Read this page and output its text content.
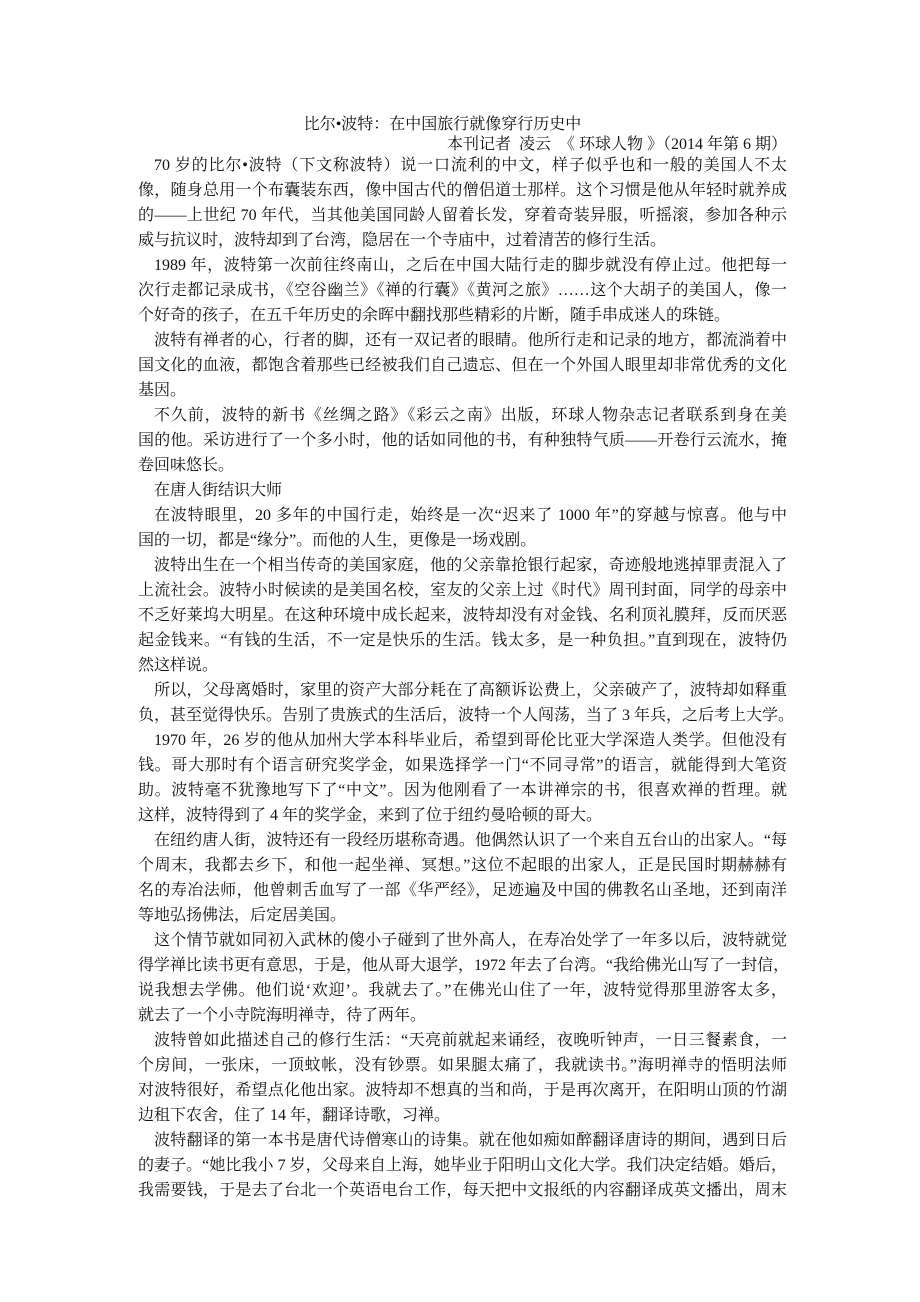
比尔•波特：在中国旅行就像穿行历史中
本刊记者  凌云  《 环球人物 》（2014 年第 6 期）
70 岁的比尔•波特（下文称波特）说一口流利的中文，样子似乎也和一般的美国人不太
像，随身总用一个布囊装东西，像中国古代的僧侣道士那样。这个习惯是他从年轻时就养成
的——上世纪 70 年代，当其他美国同龄人留着长发，穿着奇装异服，听摇滚，参加各种示
威与抗议时，波特却到了台湾，隐居在一个寺庙中，过着清苦的修行生活。
1989 年，波特第一次前往终南山，之后在中国大陆行走的脚步就没有停止过。他把每一
次行走都记录成书，《空谷幽兰》《禅的行囊》《黄河之旅》……这个大胡子的美国人，像一
个好奇的孩子，在五千年历史的余晖中翻找那些精彩的片断，随手串成迷人的珠链。
波特有禅者的心，行者的脚，还有一双记者的眼睛。他所行走和记录的地方，都流淌着中
国文化的血液，都饱含着那些已经被我们自己遗忘、但在一个外国人眼里却非常优秀的文化
基因。
不久前，波特的新书《丝绸之路》《彩云之南》出版，环球人物杂志记者联系到身在美
国的他。采访进行了一个多小时，他的话如同他的书，有种独特气质——开卷行云流水，掩
卷回味悠长。
在唐人街结识大师
在波特眼里，20 多年的中国行走，始终是一次“迟来了 1000 年”的穿越与惊喜。他与中
国的一切，都是“缘分”。而他的人生，更像是一场戏剧。
波特出生在一个相当传奇的美国家庭，他的父亲靠抢银行起家，奇迹般地逃掉罪责混入了
上流社会。波特小时候读的是美国名校，室友的父亲上过《时代》周刊封面，同学的母亲中
不乏好莱坞大明星。在这种环境中成长起来，波特却没有对金钱、名利顶礼膜拜，反而厌恶
起金钱来。“有钱的生活，不一定是快乐的生活。钱太多，是一种负担。”直到现在，波特仍
然这样说。
所以，父母离婚时，家里的资产大部分耗在了高额诉讼费上，父亲破产了，波特却如释重
负，甚至觉得快乐。告别了贵族式的生活后，波特一个人闯荡，当了 3 年兵，之后考上大学。
1970 年，26 岁的他从加州大学本科毕业后，希望到哥伦比亚大学深造人类学。但他没有
钱。哥大那时有个语言研究奖学金，如果选择学一门“不同寻常”的语言，就能得到大笔资
助。波特毫不犹豫地写下了“中文”。因为他刚看了一本讲禅宗的书，很喜欢禅的哲理。就
这样，波特得到了 4 年的奖学金，来到了位于纽约曼哈顿的哥大。
在纽约唐人街，波特还有一段经历堪称奇遇。他偶然认识了一个来自五台山的出家人。“每
个周末，我都去乡下，和他一起坐禅、冥想。”这位不起眼的出家人，正是民国时期赫赫有
名的寿冶法师，他曾刺舌血写了一部《华严经》，足迹遍及中国的佛教名山圣地，还到南洋
等地弘扬佛法，后定居美国。
这个情节就如同初入武林的傻小子碰到了世外高人，在寿冶处学了一年多以后，波特就觉
得学禅比读书更有意思，于是，他从哥大退学，1972 年去了台湾。“我给佛光山写了一封信，
说我想去学佛。他们说‘欢迎’。我就去了。”在佛光山住了一年，波特觉得那里游客太多，
就去了一个小寺院海明禅寺，待了两年。
波特曾如此描述自己的修行生活：“天亮前就起来诵经，夜晚听钟声，一日三餐素食，一
个房间，一张床，一顶蚊帐，没有钞票。如果腿太痛了，我就读书。”海明禅寺的悟明法师
对波特很好，希望点化他出家。波特却不想真的当和尚，于是再次离开，在阳明山顶的竹湖
边租下农舍，住了 14 年，翻译诗歌，习禅。
波特翻译的第一本书是唐代诗僧寒山的诗集。就在他如痴如醉翻译唐诗的期间，遇到日后
的妻子。“她比我小 7 岁，父母来自上海，她毕业于阳明山文化大学。我们决定结婚。婚后，
我需要钱，于是去了台北一个英语电台工作，每天把中文报纸的内容翻译成英文播出，周末
